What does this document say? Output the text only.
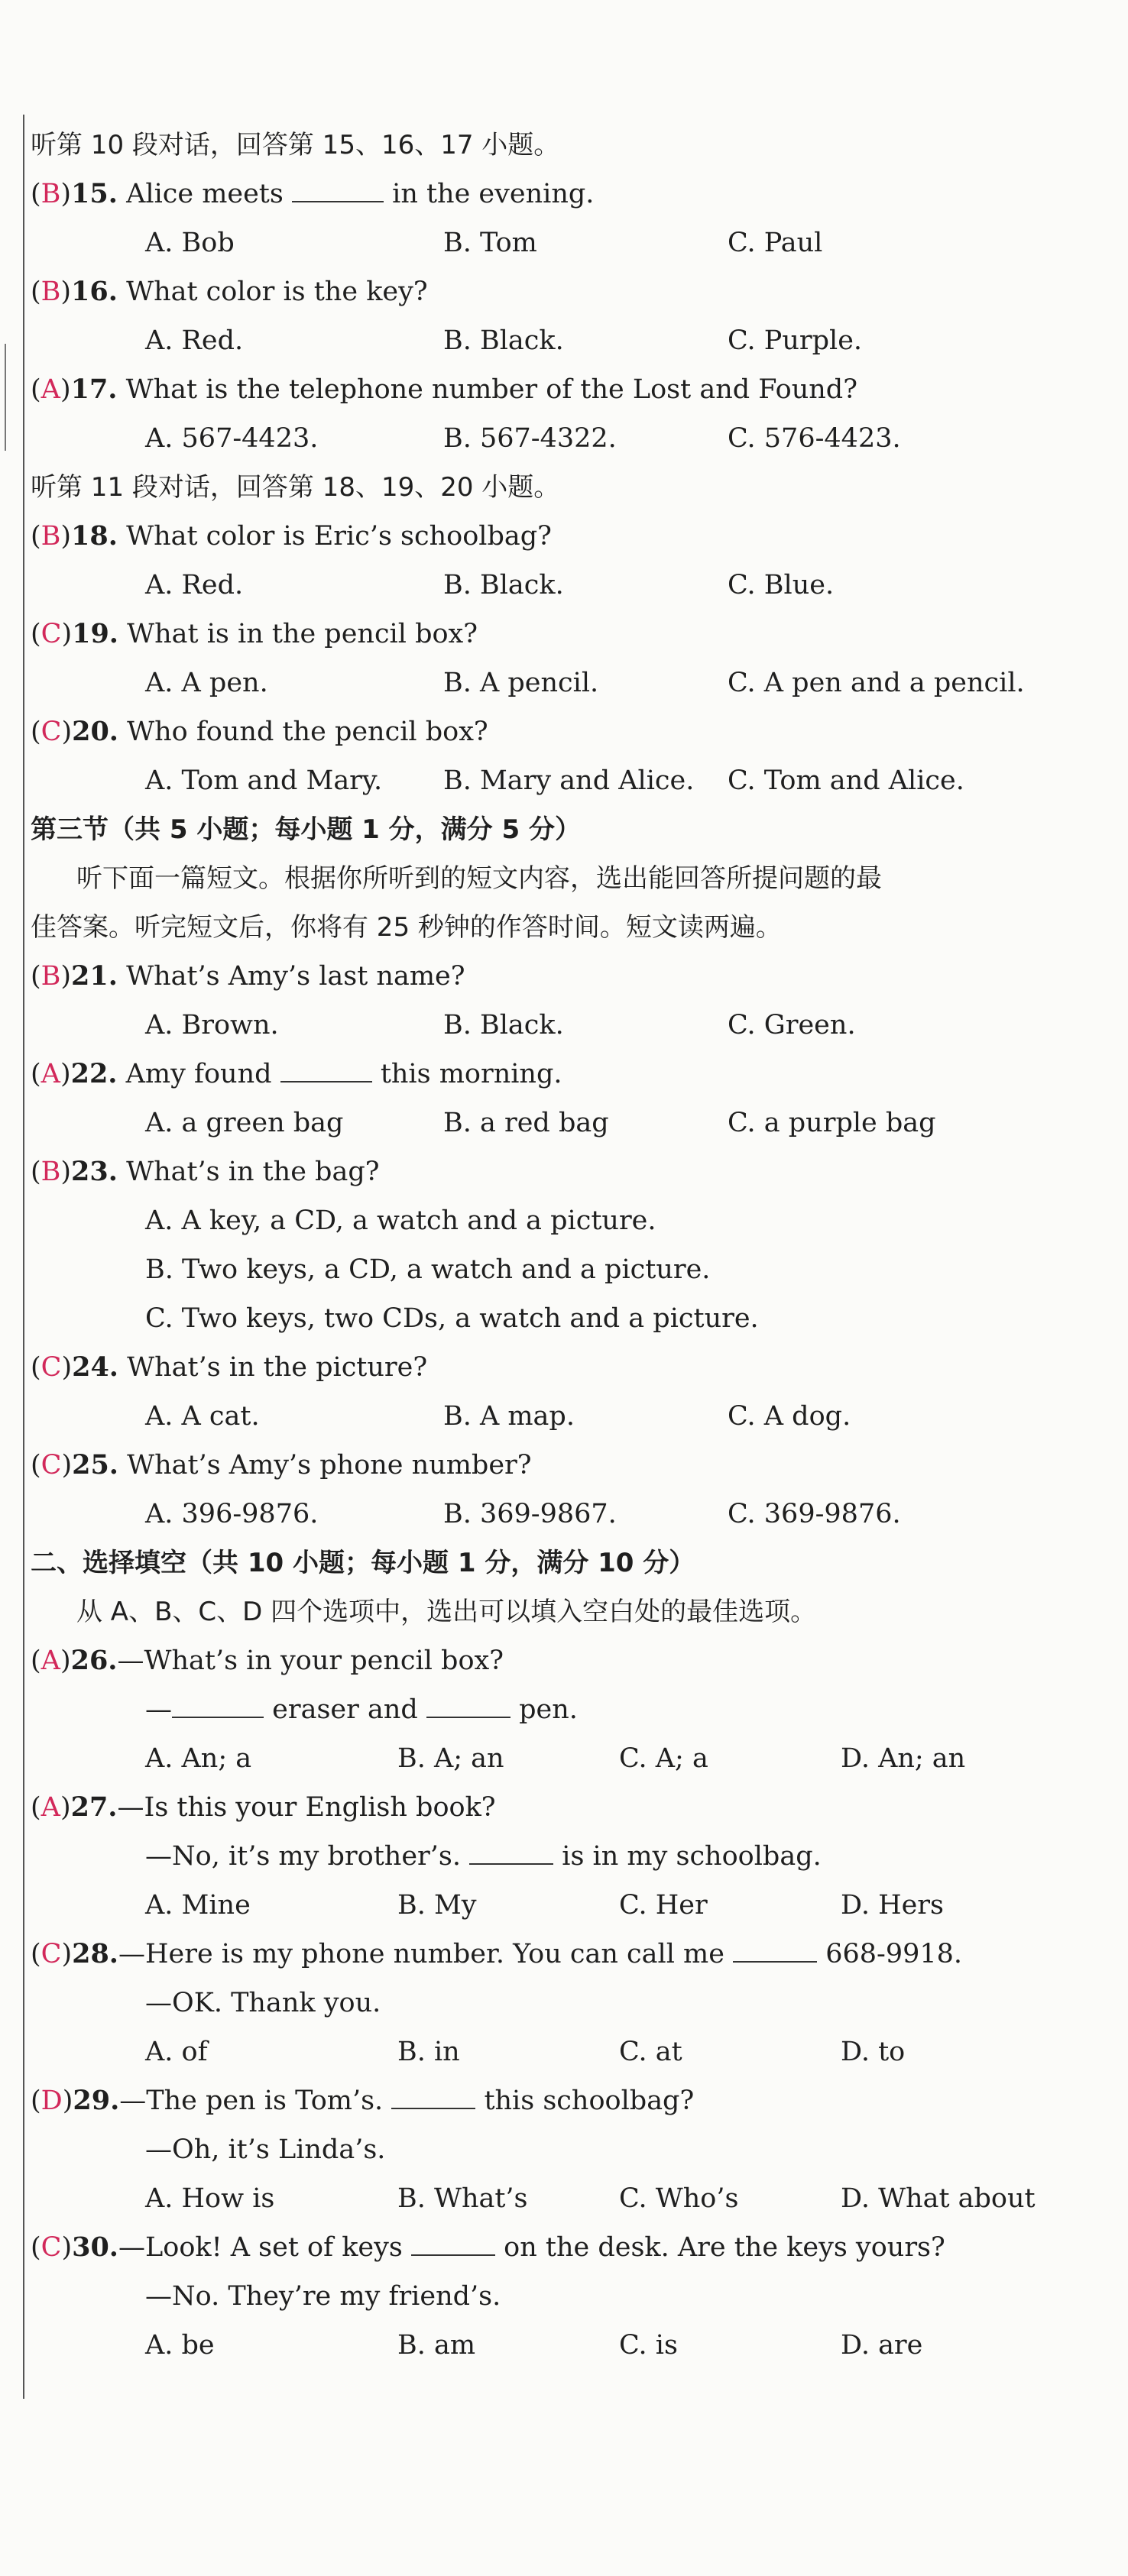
听第 10 段对话，回答第 15、16、17 小题。
(B)15. Alice meets	in the evening.
A. Bob	B. Tom	C. Paul
(B)16. What color is the key?
A. Red.	B. Black.	C. Purple.
(A)17. What is the telephone number of the Lost and Found?
A. 567-4423.	B. 567-4322.	C. 576-4423.
听第 11 段对话，回答第 18、19、20 小题。
(B)18. What color is Eric’s schoolbag?
A. Red.	B. Black.	C. Blue.
(C)19. What is in the pencil box?
A. A pen.	B. A pencil.	C. A pen and a pencil.
(C)20. Who found the pencil box?
A. Tom and Mary. B. Mary and Alice. C. Tom and Alice.
第三节（共 5 小题；每小题 1 分，满分 5 分）
听下面一篇短文。根据你所听到的短文内容，选出能回答所提问题的最
佳答案。听完短文后，你将有 25 秒钟的作答时间。短文读两遍。
(B)21. What’s Amy’s last name?
A. Brown.	B. Black.	C. Green.
(A)22. Amy found	this morning.
A. a green bag	B. a red bag	C. a purple bag
(B)23. What’s in the bag?
A. A key, a CD, a watch and a picture.
B. Two keys, a CD, a watch and a picture.
C. Two keys, two CDs, a watch and a picture.
(C)24. What’s in the picture?
A. A cat.	B. A map.	C. A dog.
(C)25. What’s Amy’s phone number?
A. 396-9876.	B. 369-9867.	C. 369-9876.
二、选择填空（共 10 小题；每小题 1 分，满分 10 分）
从 A、B、C、D 四个选项中，选出可以填入空白处的最佳选项。
(A)26.—What’s in your pencil box?
—	eraser and	pen.
A. An; a	B. A; an	C. A; a	D. An; an
(A)27.—Is this your English book?
—No, it’s my brother’s.	is in my schoolbag.
A. Mine	B. My	C. Her	D. Hers
(C)28.—Here is my phone number. You can call me	668-9918.
—OK. Thank you.
A. of	B. in	C. at	D. to
(D)29.—The pen is Tom’s.	this schoolbag?
—Oh, it’s Linda’s.
A. How is	B. What’s	C. Who’s	D. What about
(C)30.—Look! A set of keys	on the desk. Are the keys yours?
—No. They’re my friend’s.
A. be	B. am	C. is	D. are
